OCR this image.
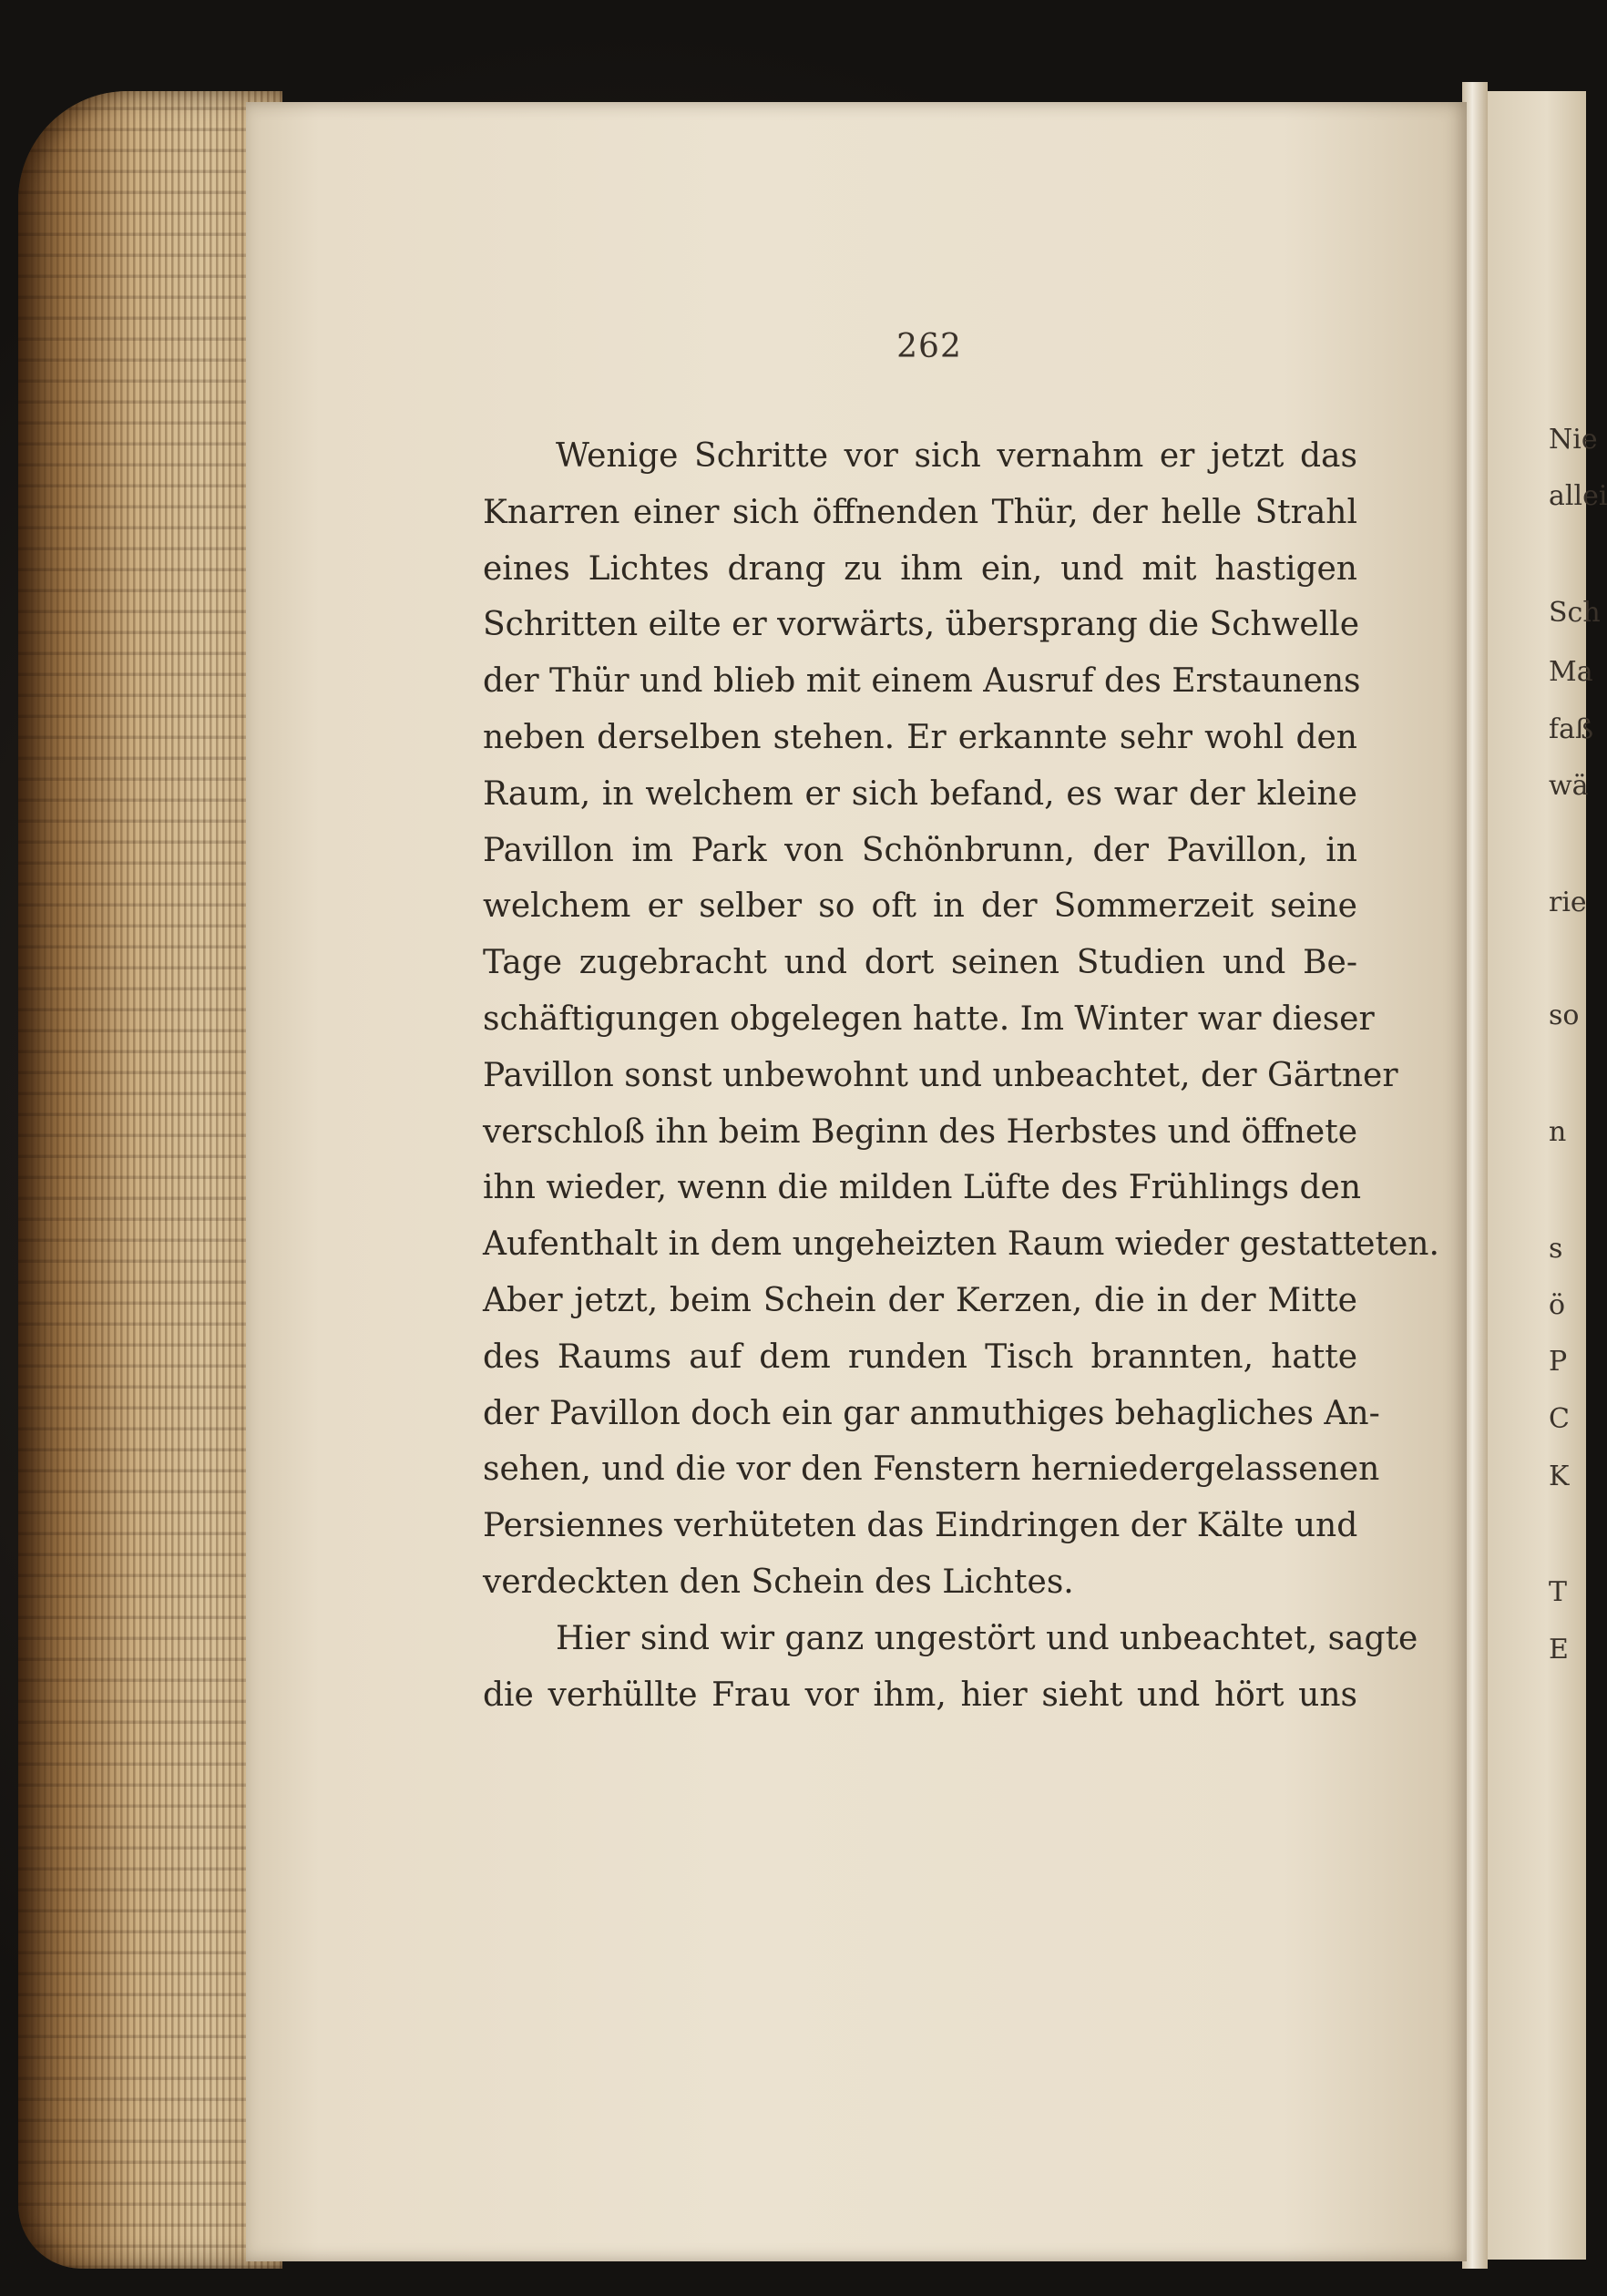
262
Wenige Schritte vor sich vernahm er jetzt das
Knarren einer sich öffnenden Thür, der helle Strahl
eines Lichtes drang zu ihm ein, und mit hastigen
Schritten eilte er vorwärts, übersprang die Schwelle
der Thür und blieb mit einem Ausruf des Erstaunens
neben derselben stehen. Er erkannte sehr wohl den
Raum, in welchem er sich befand, es war der kleine
Pavillon im Park von Schönbrunn, der Pavillon, in
welchem er selber so oft in der Sommerzeit seine
Tage zugebracht und dort seinen Studien und Be-
schäftigungen obgelegen hatte. Im Winter war dieser
Pavillon sonst unbewohnt und unbeachtet, der Gärtner
verschloß ihn beim Beginn des Herbstes und öffnete
ihn wieder, wenn die milden Lüfte des Frühlings den
Aufenthalt in dem ungeheizten Raum wieder gestatteten.
Aber jetzt, beim Schein der Kerzen, die in der Mitte
des Raums auf dem runden Tisch brannten, hatte
der Pavillon doch ein gar anmuthiges behagliches An-
sehen, und die vor den Fenstern herniedergelassenen
Persiennes verhüteten das Eindringen der Kälte und
verdeckten den Schein des Lichtes.
Hier sind wir ganz ungestört und unbeachtet, sagte
die verhüllte Frau vor ihm, hier sieht und hört uns
Nie
allei
Sch
Ma
faß
wä
rie
so
n
s
ö
P
C
K
T
E
